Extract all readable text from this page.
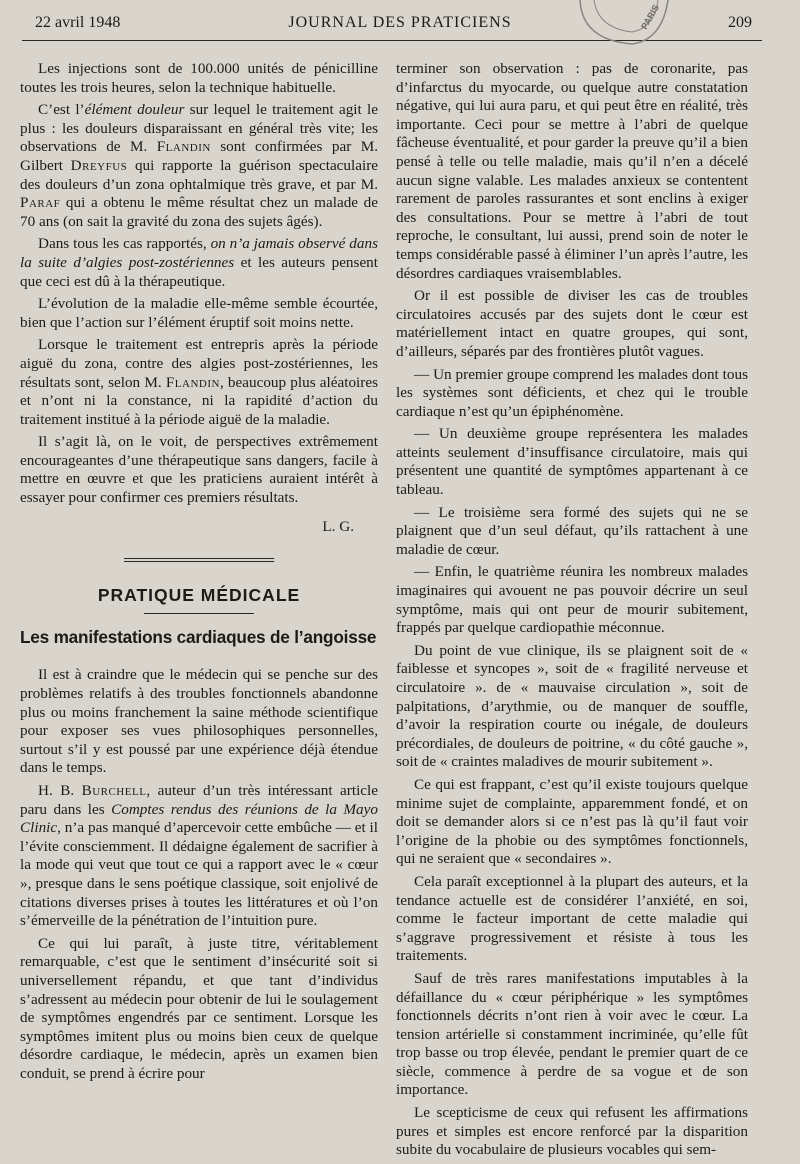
22 avril 1948	JOURNAL DES PRATICIENS	209
PARIS

Les injections sont de 100.000 unités de pénicilline toutes les trois heures, selon la technique habituelle.

C’est l’élément douleur sur lequel le traitement agit le plus : les douleurs disparaissant en général très vite; les observations de M. Flandin sont confirmées par M. Gilbert Dreyfus qui rapporte la guérison spectaculaire des douleurs d’un zona ophtalmique très grave, et par M. Paraf qui a obtenu le même résultat chez un malade de 70 ans (on sait la gravité du zona des sujets âgés).

Dans tous les cas rapportés, on n’a jamais observé dans la suite d’algies post-zostériennes et les auteurs pensent que ceci est dû à la thérapeutique.

L’évolution de la maladie elle-même semble écourtée, bien que l’action sur l’élément éruptif soit moins nette.

Lorsque le traitement est entrepris après la période aiguë du zona, contre des algies post-zostériennes, les résultats sont, selon M. Flandin, beaucoup plus aléatoires et n’ont ni la constance, ni la rapidité d’action du traitement institué à la période aiguë de la maladie.

Il s’agit là, on le voit, de perspectives extrêmement encourageantes d’une thérapeutique sans dangers, facile à mettre en œuvre et que les praticiens auraient intérêt à essayer pour confirmer ces premiers résultats.

L. G.

PRATIQUE MÉDICALE
Les manifestations cardiaques de l’angoisse

Il est à craindre que le médecin qui se penche sur des problèmes relatifs à des troubles fonctionnels abandonne plus ou moins franchement la saine méthode scientifique pour exposer ses vues philosophiques personnelles, surtout s’il y est poussé par une expérience déjà étendue dans le temps.

H. B. Burchell, auteur d’un très intéressant article paru dans les Comptes rendus des réunions de la Mayo Clinic, n’a pas manqué d’apercevoir cette embûche — et il l’évite consciemment. Il dédaigne également de sacrifier à la mode qui veut que tout ce qui a rapport avec le « cœur », presque dans le sens poétique classique, soit enjolivé de citations diverses prises à toutes les littératures et où l’on s’émerveille de la pénétration de l’intuition pure.

Ce qui lui paraît, à juste titre, véritablement remarquable, c’est que le sentiment d’insécurité soit si universellement répandu, et que tant d’individus s’adressent au médecin pour obtenir de lui le soulagement de symptômes engendrés par ce sentiment. Lorsque les symptômes imitent plus ou moins bien ceux de quelque désordre cardiaque, le médecin, après un examen bien conduit, se prend à écrire pour

terminer son observation : pas de coronarite, pas d’infarctus du myocarde, ou quelque autre constatation négative, qui lui aura paru, et qui peut être en réalité, très importante. Ceci pour se mettre à l’abri de quelque fâcheuse éventualité, et pour garder la preuve qu’il a bien pensé à telle ou telle maladie, mais qu’il n’en a décelé aucun signe valable. Les malades anxieux se contentent rarement de paroles rassurantes et sont enclins à exiger des consultations. Pour se mettre à l’abri de tout reproche, le consultant, lui aussi, prend soin de noter le temps considérable passé à éliminer l’un après l’autre, les désordres cardiaques vraisemblables.

Or il est possible de diviser les cas de troubles circulatoires accusés par des sujets dont le cœur est matériellement intact en quatre groupes, qui sont, d’ailleurs, séparés par des frontières plutôt vagues.

— Un premier groupe comprend les malades dont tous les systèmes sont déficients, et chez qui le trouble cardiaque n’est qu’un épiphénomène.

— Un deuxième groupe représentera les malades atteints seulement d’insuffisance circulatoire, mais qui présentent une quantité de symptômes appartenant à ce tableau.

— Le troisième sera formé des sujets qui ne se plaignent que d’un seul défaut, qu’ils rattachent à une maladie de cœur.

— Enfin, le quatrième réunira les nombreux malades imaginaires qui avouent ne pas pouvoir décrire un seul symptôme, mais qui ont peur de mourir subitement, frappés par quelque cardiopathie méconnue.

Du point de vue clinique, ils se plaignent soit de « faiblesse et syncopes », soit de « fragilité nerveuse et circulatoire ». de « mauvaise circulation », soit de palpitations, d’arythmie, ou de manquer de souffle, d’avoir la respiration courte ou inégale, de douleurs précordiales, de douleurs de poitrine, « du côté gauche », soit de « craintes maladives de mourir subitement ».

Ce qui est frappant, c’est qu’il existe toujours quelque minime sujet de complainte, apparemment fondé, et on doit se demander alors si ce n’est pas là qu’il faut voir l’origine de la phobie ou des symptômes fonctionnels, qui ne seraient que « secondaires ».

Cela paraît exceptionnel à la plupart des auteurs, et la tendance actuelle est de considérer l’anxiété, en soi, comme le facteur important de cette maladie qui s’aggrave progressivement et résiste à tous les traitements.

Sauf de très rares manifestations imputables à la défaillance du « cœur périphérique » les symptômes fonctionnels décrits n’ont rien à voir avec le cœur. La tension artérielle si constamment incriminée, qu’elle fût trop basse ou trop élevée, pendant le premier quart de ce siècle, commence à perdre de sa vogue et de son importance.

Le scepticisme de ceux qui refusent les affirmations pures et simples est encore renforcé par la disparition subite du vocabulaire de plusieurs vocables qui sem-
